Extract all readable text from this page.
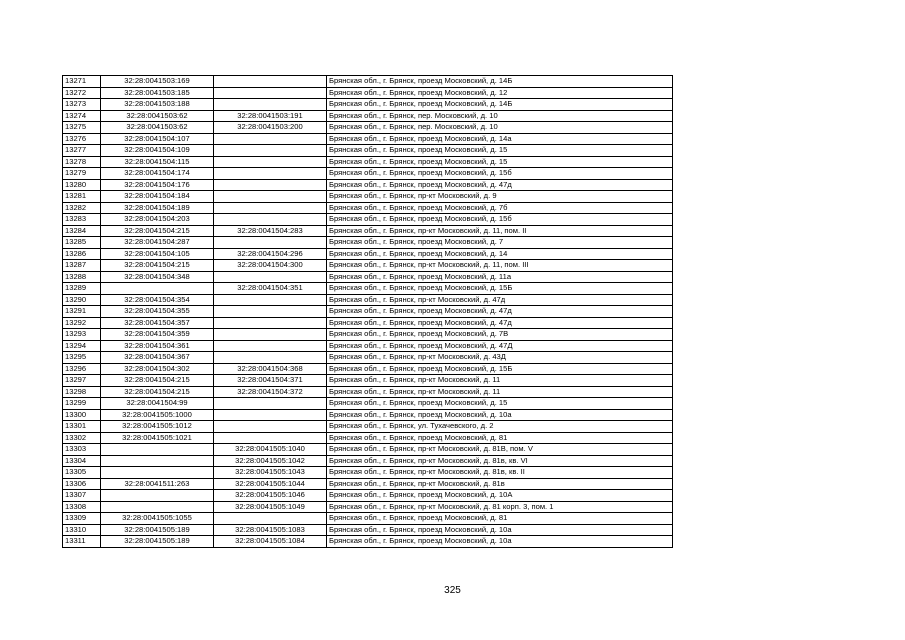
13271	32:28:0041503:169		Брянская обл., г. Брянск, проезд Московский, д. 14Б
13272	32:28:0041503:185		Брянская обл., г. Брянск, проезд Московский, д. 12
13273	32:28:0041503:188		Брянская обл., г. Брянск, проезд Московский, д. 14Б
13274	32:28:0041503:62	32:28:0041503:191	Брянская обл., г. Брянск, пер. Московский, д. 10
13275	32:28:0041503:62	32:28:0041503:200	Брянская обл., г. Брянск, пер. Московский, д. 10
13276	32:28:0041504:107		Брянская обл., г. Брянск, проезд Московский, д. 14а
13277	32:28:0041504:109		Брянская обл., г. Брянск, проезд Московский, д. 15
13278	32:28:0041504:115		Брянская обл., г. Брянск, проезд Московский, д. 15
13279	32:28:0041504:174		Брянская обл., г. Брянск, проезд Московский, д. 15б
13280	32:28:0041504:176		Брянская обл., г. Брянск, проезд Московский, д. 47д
13281	32:28:0041504:184		Брянская обл., г. Брянск, пр-кт Московский, д. 9
13282	32:28:0041504:189		Брянская обл., г. Брянск, проезд Московский, д. 7б
13283	32:28:0041504:203		Брянская обл., г. Брянск, проезд Московский, д. 15б
13284	32:28:0041504:215	32:28:0041504:283	Брянская обл., г. Брянск, пр-кт Московский, д. 11, пом. II
13285	32:28:0041504:287		Брянская обл., г. Брянск, проезд Московский, д. 7
13286	32:28:0041504:105	32:28:0041504:296	Брянская обл., г. Брянск, проезд Московский, д. 14
13287	32:28:0041504:215	32:28:0041504:300	Брянская обл., г. Брянск, пр-кт Московский, д. 11, пом. III
13288	32:28:0041504:348		Брянская обл., г. Брянск, проезд Московский, д. 11а
13289		32:28:0041504:351	Брянская обл., г. Брянск, проезд Московский, д. 15Б
13290	32:28:0041504:354		Брянская обл., г. Брянск, пр-кт Московский, д. 47д
13291	32:28:0041504:355		Брянская обл., г. Брянск, проезд Московский, д. 47д
13292	32:28:0041504:357		Брянская обл., г. Брянск, проезд Московский, д. 47д
13293	32:28:0041504:359		Брянская обл., г. Брянск, проезд Московский, д. 7В
13294	32:28:0041504:361		Брянская обл., г. Брянск, проезд Московский, д. 47Д
13295	32:28:0041504:367		Брянская обл., г. Брянск, пр-кт Московский, д. 43Д
13296	32:28:0041504:302	32:28:0041504:368	Брянская обл., г. Брянск, проезд Московский, д. 15Б
13297	32:28:0041504:215	32:28:0041504:371	Брянская обл., г. Брянск, пр-кт Московский, д. 11
13298	32:28:0041504:215	32:28:0041504:372	Брянская обл., г. Брянск, пр-кт Московский, д. 11
13299	32:28:0041504:99		Брянская обл., г. Брянск, проезд Московский, д. 15
13300	32:28:0041505:1000		Брянская обл., г. Брянск, проезд Московский, д. 10а
13301	32:28:0041505:1012		Брянская обл., г. Брянск, ул. Тухачевского, д. 2
13302	32:28:0041505:1021		Брянская обл., г. Брянск, проезд Московский, д. 81
13303		32:28:0041505:1040	Брянская обл., г. Брянск, пр-кт Московский, д. 81В, пом. V
13304		32:28:0041505:1042	Брянская обл., г. Брянск, пр-кт Московский, д. 81в, кв. VI
13305		32:28:0041505:1043	Брянская обл., г. Брянск, пр-кт Московский, д. 81в, кв. II
13306	32:28:0041511:263	32:28:0041505:1044	Брянская обл., г. Брянск, пр-кт Московский, д. 81в
13307		32:28:0041505:1046	Брянская обл., г. Брянск, проезд Московский, д. 10А
13308		32:28:0041505:1049	Брянская обл., г. Брянск, пр-кт Московский, д. 81 корп. 3, пом. 1
13309	32:28:0041505:1055		Брянская обл., г. Брянск, проезд Московский, д. 81
13310	32:28:0041505:189	32:28:0041505:1083	Брянская обл., г. Брянск, проезд Московский, д. 10а
13311	32:28:0041505:189	32:28:0041505:1084	Брянская обл., г. Брянск, проезд Московский, д. 10а
325
